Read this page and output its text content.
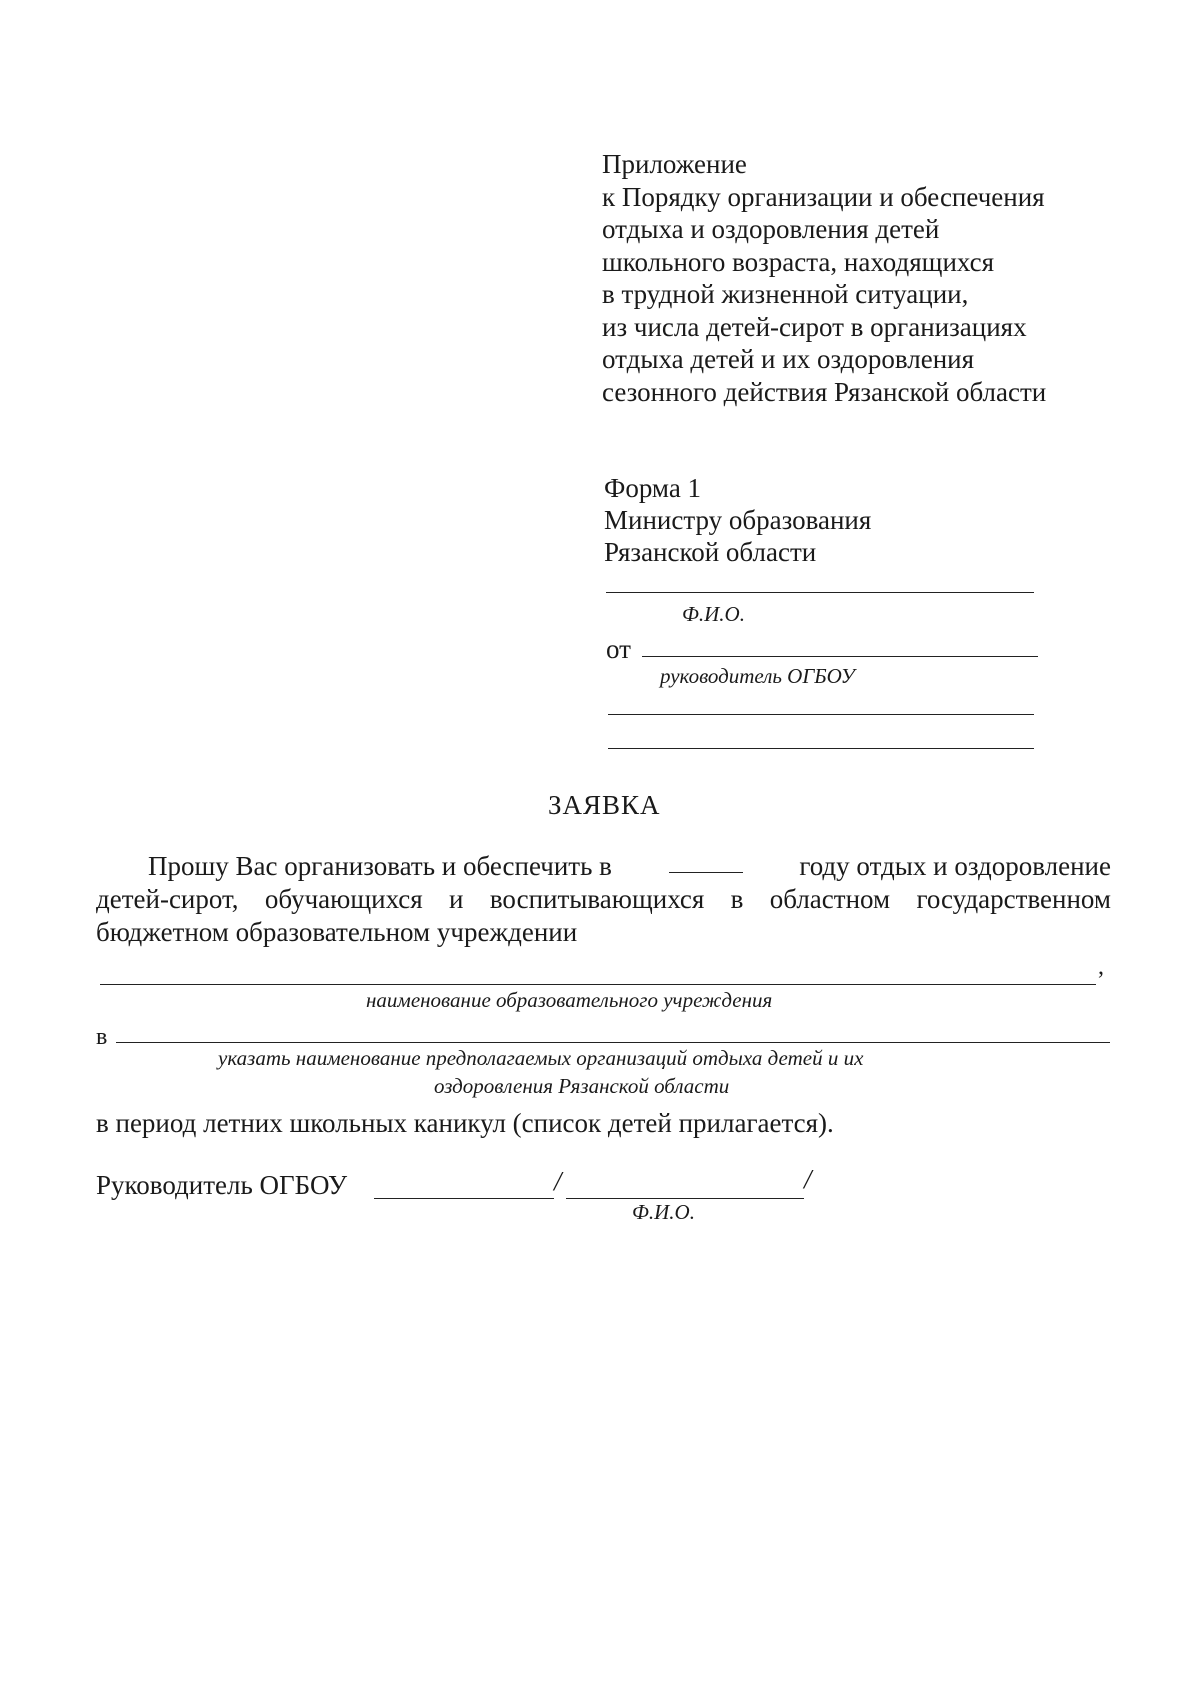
Приложение
к Порядку организации и обеспечения
отдыха и оздоровления детей
школьного возраста, находящихся
в трудной жизненной ситуации,
из числа детей-сирот в организациях
отдыха детей и их оздоровления
сезонного действия Рязанской области
Форма 1
Министру образования
Рязанской области
Ф.И.О.
от
руководитель ОГБОУ
ЗАЯВКА
Прошу Вас организовать и обеспечить в	году отдых и оздоровление
детей-сирот, обучающихся и воспитывающихся в областном государственном
бюджетном образовательном учреждении
,
наименование образовательного учреждения
в
указать наименование предполагаемых организаций отдыха детей и их
оздоровления Рязанской области
в период летних школьных каникул (список детей прилагается).
Руководитель ОГБОУ	/	/
Ф.И.О.
